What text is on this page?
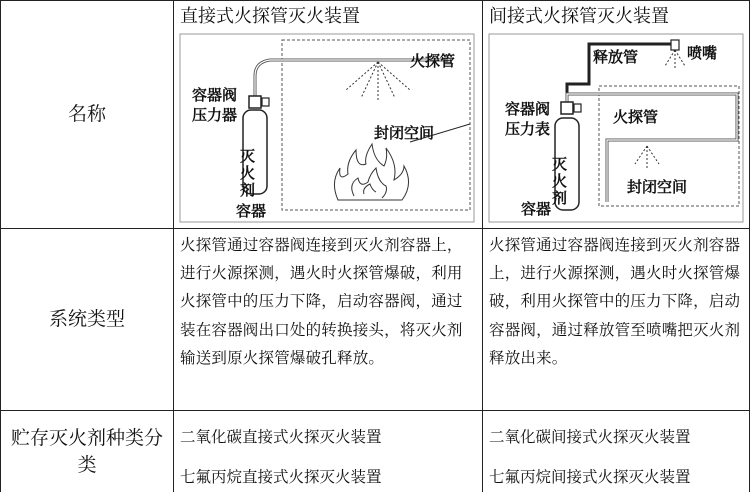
名称
直接式火探管灭火装置
火探管
容器阀
压力器
灭火剂
容器
封闭空间
间接式火探管灭火装置
释放管	喷嘴
火探管
容器阀
压力表
灭火剂
容器
封闭空间
系统类型
火探管通过容器阀连接到灭火剂容器上，进行火源探测，遇火时火探管爆破，利用火探管中的压力下降，启动容器阀，通过装在容器阀出口处的转换接头，将灭火剂输送到原火探管爆破孔释放。
火探管通过容器阀连接到灭火剂容器上，进行火源探测，遇火时火探管爆破，利用火探管中的压力下降，启动容器阀，通过释放管至喷嘴把灭火剂释放出来。
贮存灭火剂种类分类
二氧化碳直接式火探灭火装置
七氟丙烷直接式火探灭火装置
二氧化碳间接式火探灭火装置
七氟丙烷间接式火探灭火装置
